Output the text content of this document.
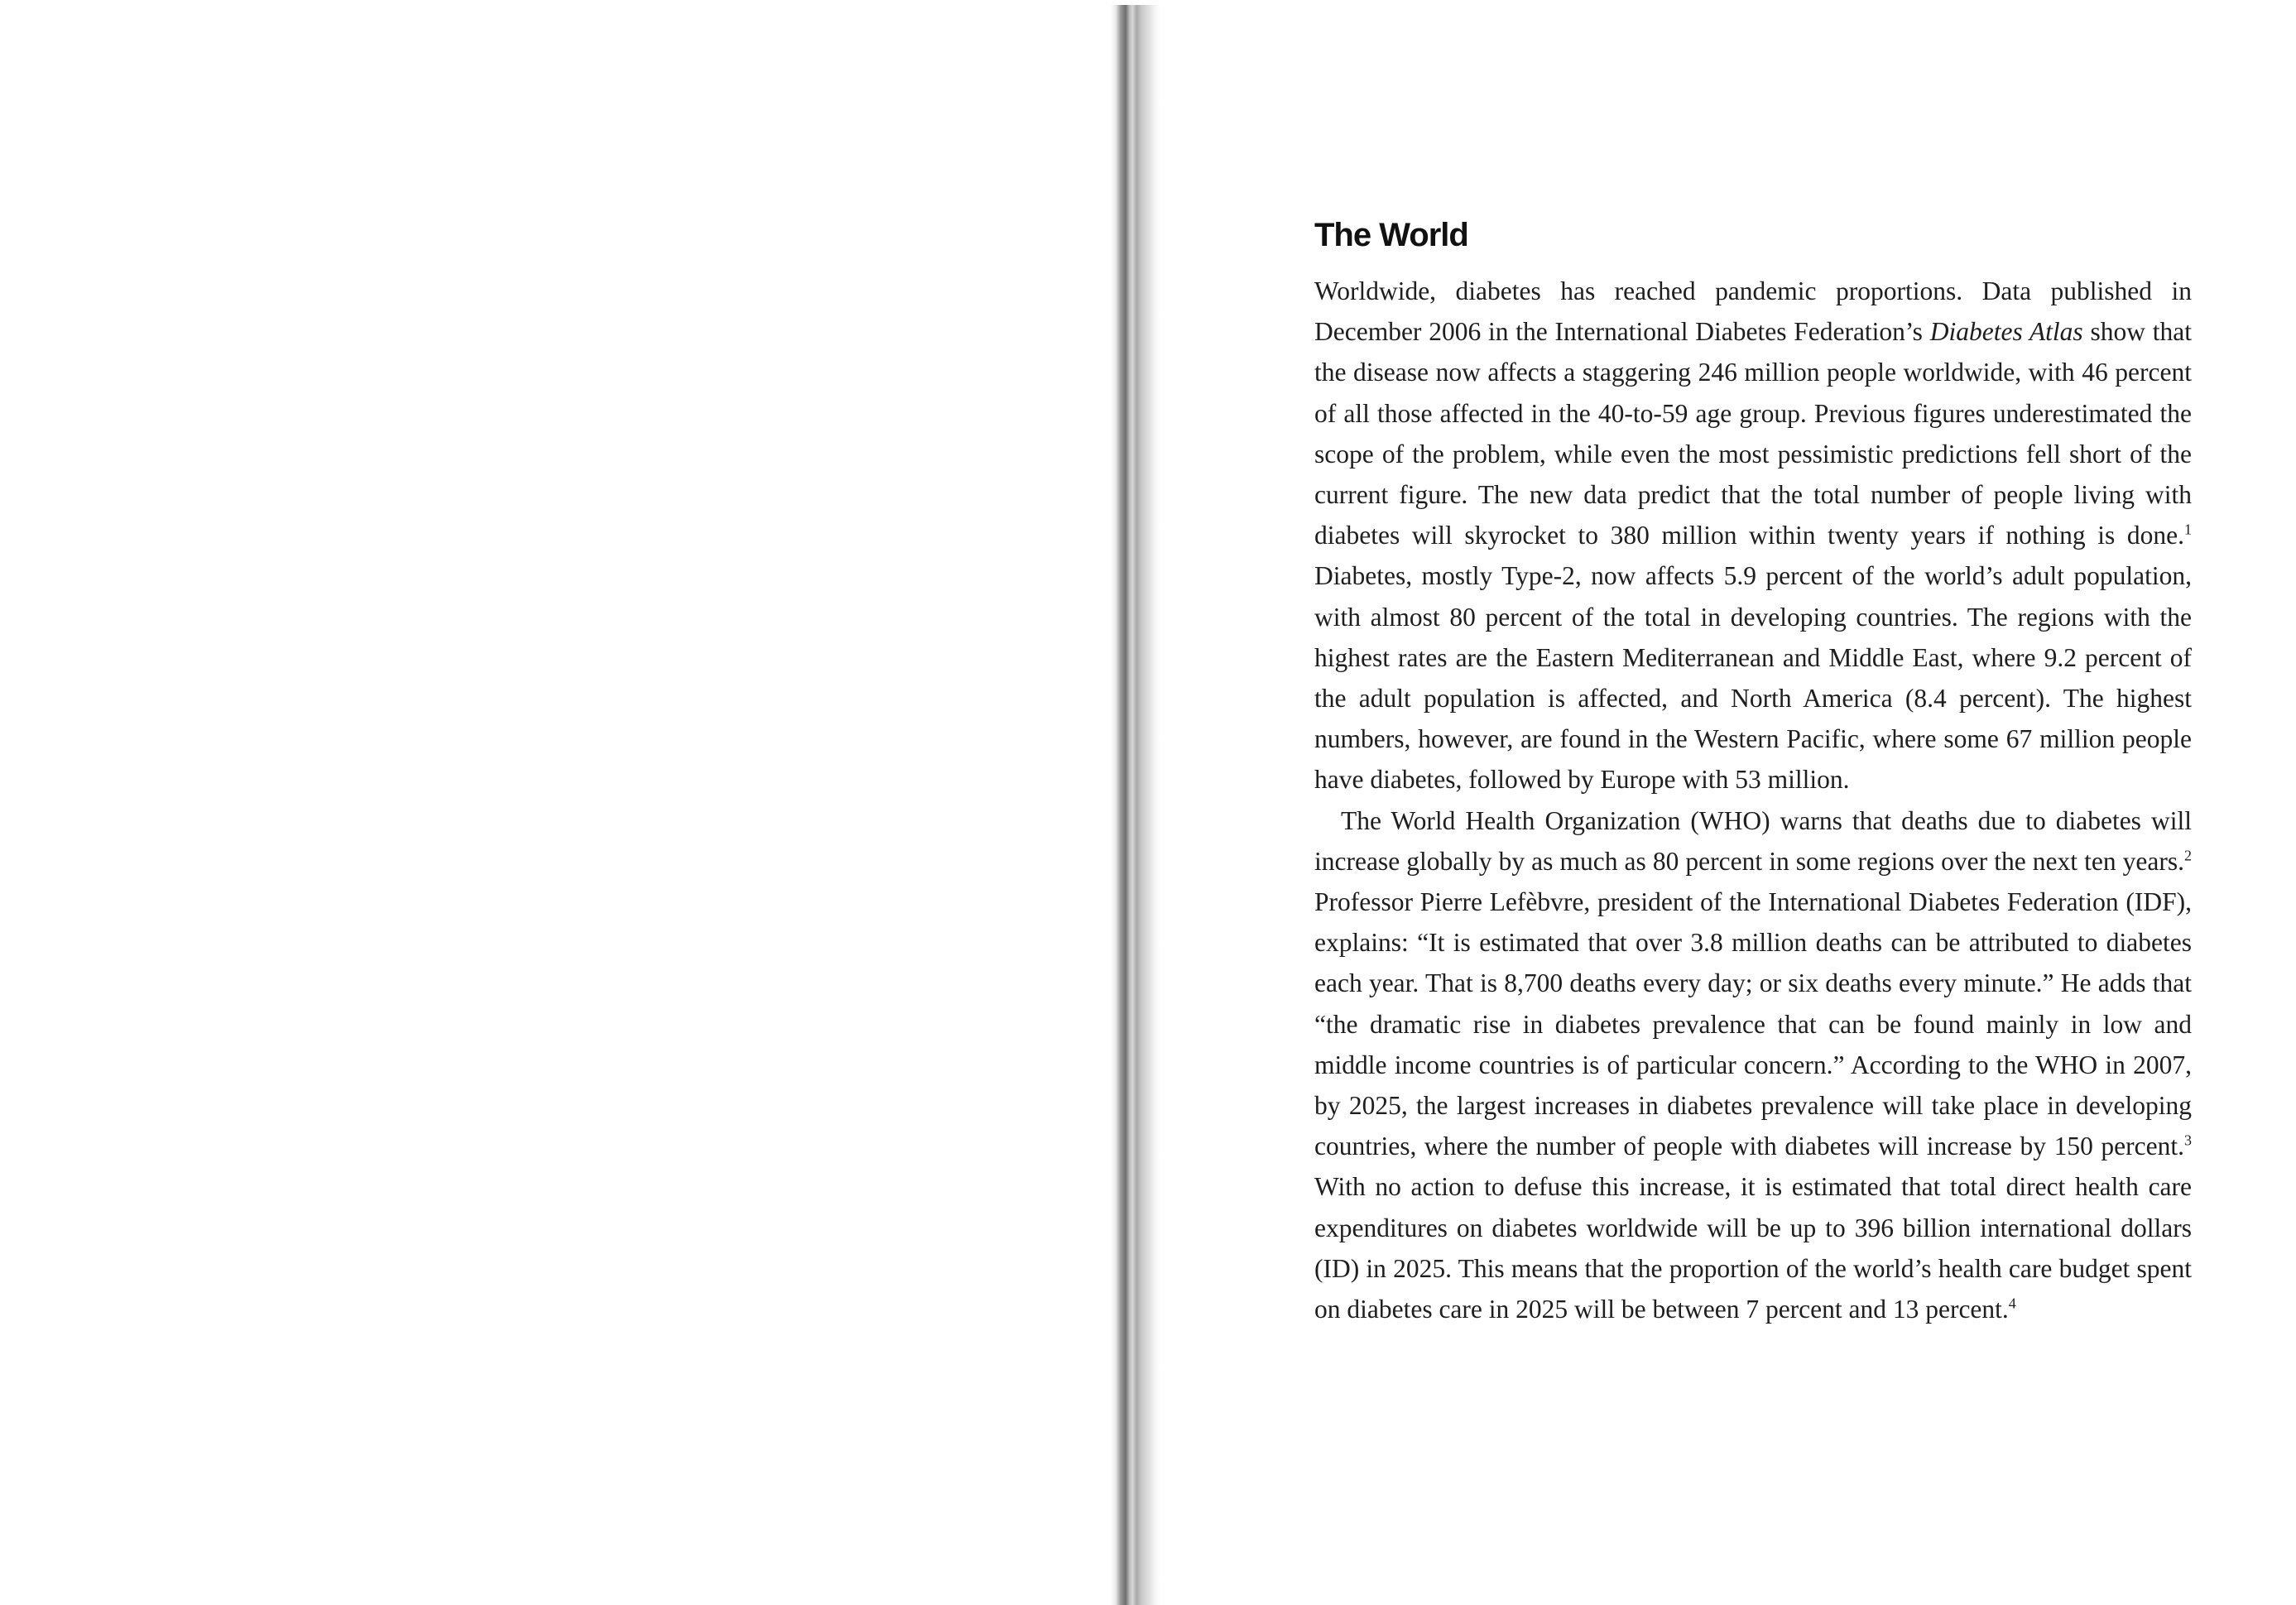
The World

Worldwide, diabetes has reached pandemic proportions. Data published in December 2006 in the International Diabetes Federation’s Diabetes Atlas show that the disease now affects a staggering 246 million people worldwide, with 46 percent of all those affected in the 40-to-59 age group. Previous figures underestimated the scope of the problem, while even the most pessimistic predictions fell short of the current figure. The new data predict that the total number of people living with diabetes will skyrocket to 380 million within twenty years if nothing is done.$^1$ Diabetes, mostly Type-2, now affects 5.9 percent of the world’s adult population, with almost 80 percent of the total in developing countries. The regions with the highest rates are the Eastern Mediterranean and Middle East, where 9.2 percent of the adult population is affected, and North America (8.4 percent). The highest numbers, however, are found in the Western Pacific, where some 67 million people have diabetes, followed by Europe with 53 million.

The World Health Organization (WHO) warns that deaths due to diabetes will increase globally by as much as 80 percent in some regions over the next ten years.$^2$ Professor Pierre Lefèbvre, president of the International Diabetes Federation (IDF), explains: “It is estimated that over 3.8 million deaths can be attributed to diabetes each year. That is 8,700 deaths every day; or six deaths every minute.” He adds that “the dramatic rise in diabetes prevalence that can be found mainly in low and middle income countries is of particular concern.” According to the WHO in 2007, by 2025, the largest increases in diabetes prevalence will take place in developing countries, where the number of people with diabetes will increase by 150 percent.$^3$ With no action to defuse this increase, it is estimated that total direct health care expenditures on diabetes worldwide will be up to 396 billion international dollars (ID) in 2025. This means that the proportion of the world’s health care budget spent on diabetes care in 2025 will be between 7 percent and 13 percent.$^4$
